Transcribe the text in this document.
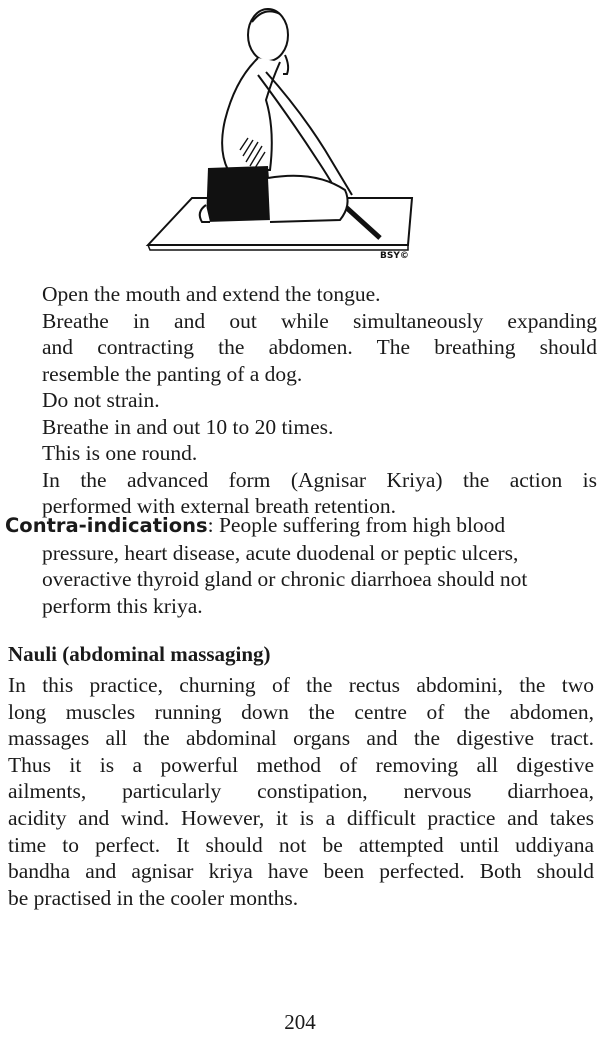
BSY©

Open the mouth and extend the tongue.

Breathe in and out while simultaneously expanding

and contracting the abdomen. The breathing should

resemble the panting of a dog.

Do not strain.

Breathe in and out 10 to 20 times.

This is one round.

In the advanced form (Agnisar Kriya) the action is

performed with external breath retention.

Contra-indications: People suffering from high blood

pressure, heart disease, acute duodenal or peptic ulcers,

overactive thyroid gland or chronic diarrhoea should not

perform this kriya.

Nauli (abdominal massaging)

In this practice, churning of the rectus abdomini, the two

long muscles running down the centre of the abdomen,

massages all the abdominal organs and the digestive tract.

Thus it is a powerful method of removing all digestive

ailments, particularly constipation, nervous diarrhoea,

acidity and wind. However, it is a difficult practice and takes

time to perfect. It should not be attempted until uddiyana

bandha and agnisar kriya have been perfected. Both should

be practised in the cooler months.

204
